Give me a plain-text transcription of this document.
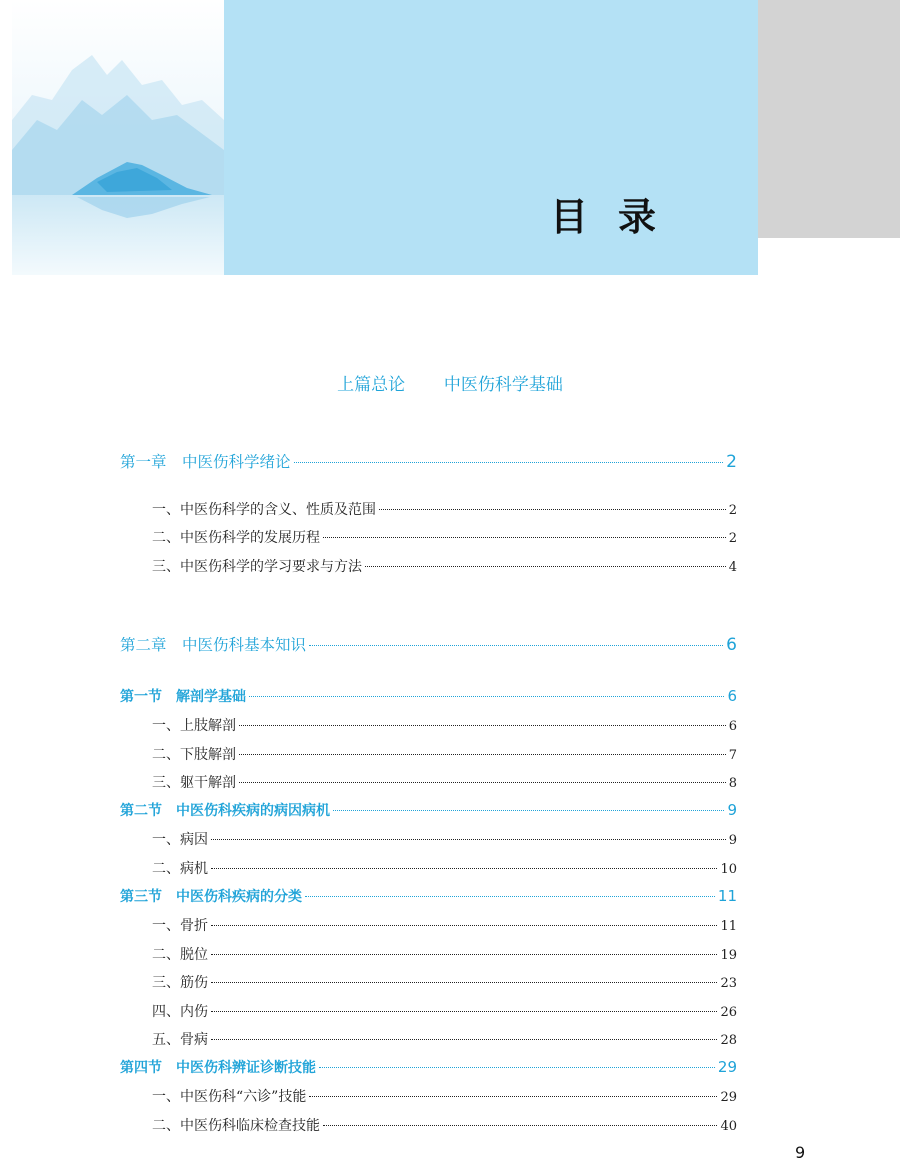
目录
上篇总论  中医伤科学基础
第一章　中医伤科学绪论	2
一、中医伤科学的含义、性质及范围	2
二、中医伤科学的发展历程	2
三、中医伤科学的学习要求与方法	4
第二章　中医伤科基本知识	6
第一节　解剖学基础	6
一、上肢解剖	6
二、下肢解剖	7
三、躯干解剖	8
第二节　中医伤科疾病的病因病机	9
一、病因	9
二、病机	10
第三节　中医伤科疾病的分类	11
一、骨折	11
二、脱位	19
三、筋伤	23
四、内伤	26
五、骨病	28
第四节　中医伤科辨证诊断技能	29
一、中医伤科“六诊”技能	29
二、中医伤科临床检查技能	40
9
